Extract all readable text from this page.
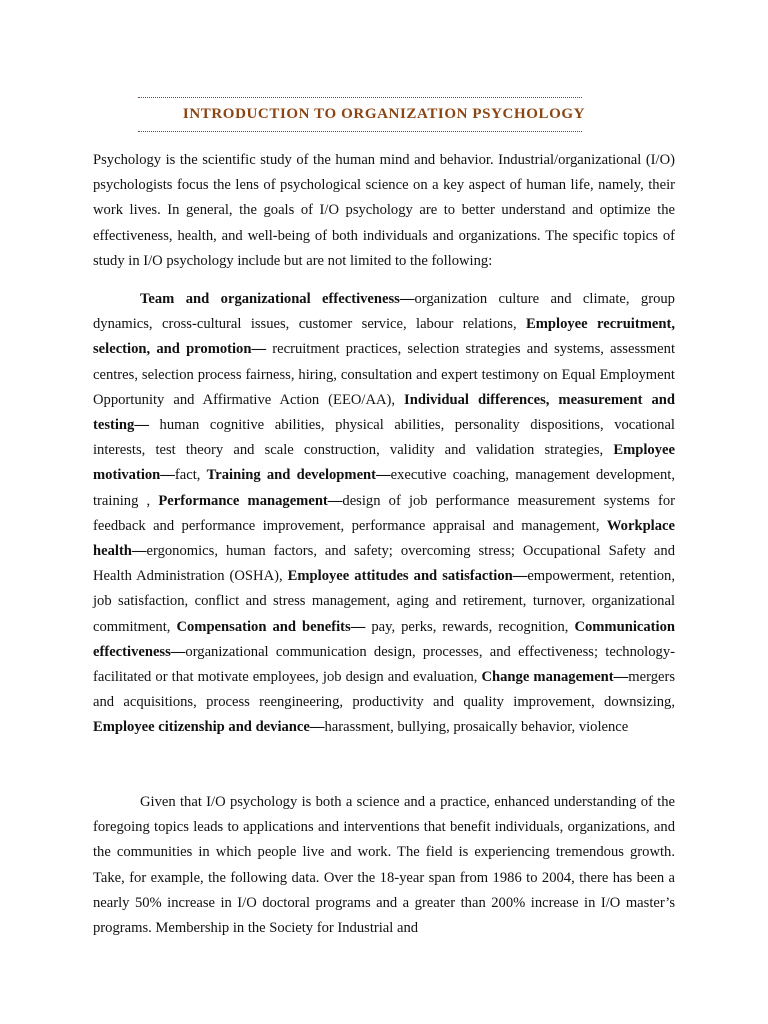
INTRODUCTION TO ORGANIZATION PSYCHOLOGY

Psychology is the scientific study of the human mind and behavior. Industrial/organizational (I/O) psychologists focus the lens of psychological science on a key aspect of human life, namely, their work lives. In general, the goals of I/O psychology are to better understand and optimize the effectiveness, health, and well-being of both individuals and organizations. The specific topics of study in I/O psychology include but are not limited to the following:

Team and organizational effectiveness—organization culture and climate, group dynamics, cross-cultural issues, customer service, labour relations, Employee recruitment, selection, and promotion— recruitment practices, selection strategies and systems, assessment centres, selection process fairness, hiring, consultation and expert testimony on Equal Employment Opportunity and Affirmative Action (EEO/AA), Individual differences, measurement and testing— human cognitive abilities, physical abilities, personality dispositions, vocational interests, test theory and scale construction, validity and validation strategies, Employee motivation—fact, Training and development—executive coaching, management development, training , Performance management—design of job performance measurement systems for feedback and performance improvement, performance appraisal and management, Workplace health—ergonomics, human factors, and safety; overcoming stress; Occupational Safety and Health Administration (OSHA), Employee attitudes and satisfaction—empowerment, retention, job satisfaction, conflict and stress management, aging and retirement, turnover, organizational commitment, Compensation and benefits— pay, perks, rewards, recognition, Communication effectiveness—organizational communication design, processes, and effectiveness; technology-facilitated or that motivate employees, job design and evaluation, Change management—mergers and acquisitions, process reengineering, productivity and quality improvement, downsizing, Employee citizenship and deviance—harassment, bullying, prosaically behavior, violence

Given that I/O psychology is both a science and a practice, enhanced understanding of the foregoing topics leads to applications and interventions that benefit individuals, organizations, and the communities in which people live and work. The field is experiencing tremendous growth. Take, for example, the following data. Over the 18-year span from 1986 to 2004, there has been a nearly 50% increase in I/O doctoral programs and a greater than 200% increase in I/O master’s programs. Membership in the Society for Industrial and
